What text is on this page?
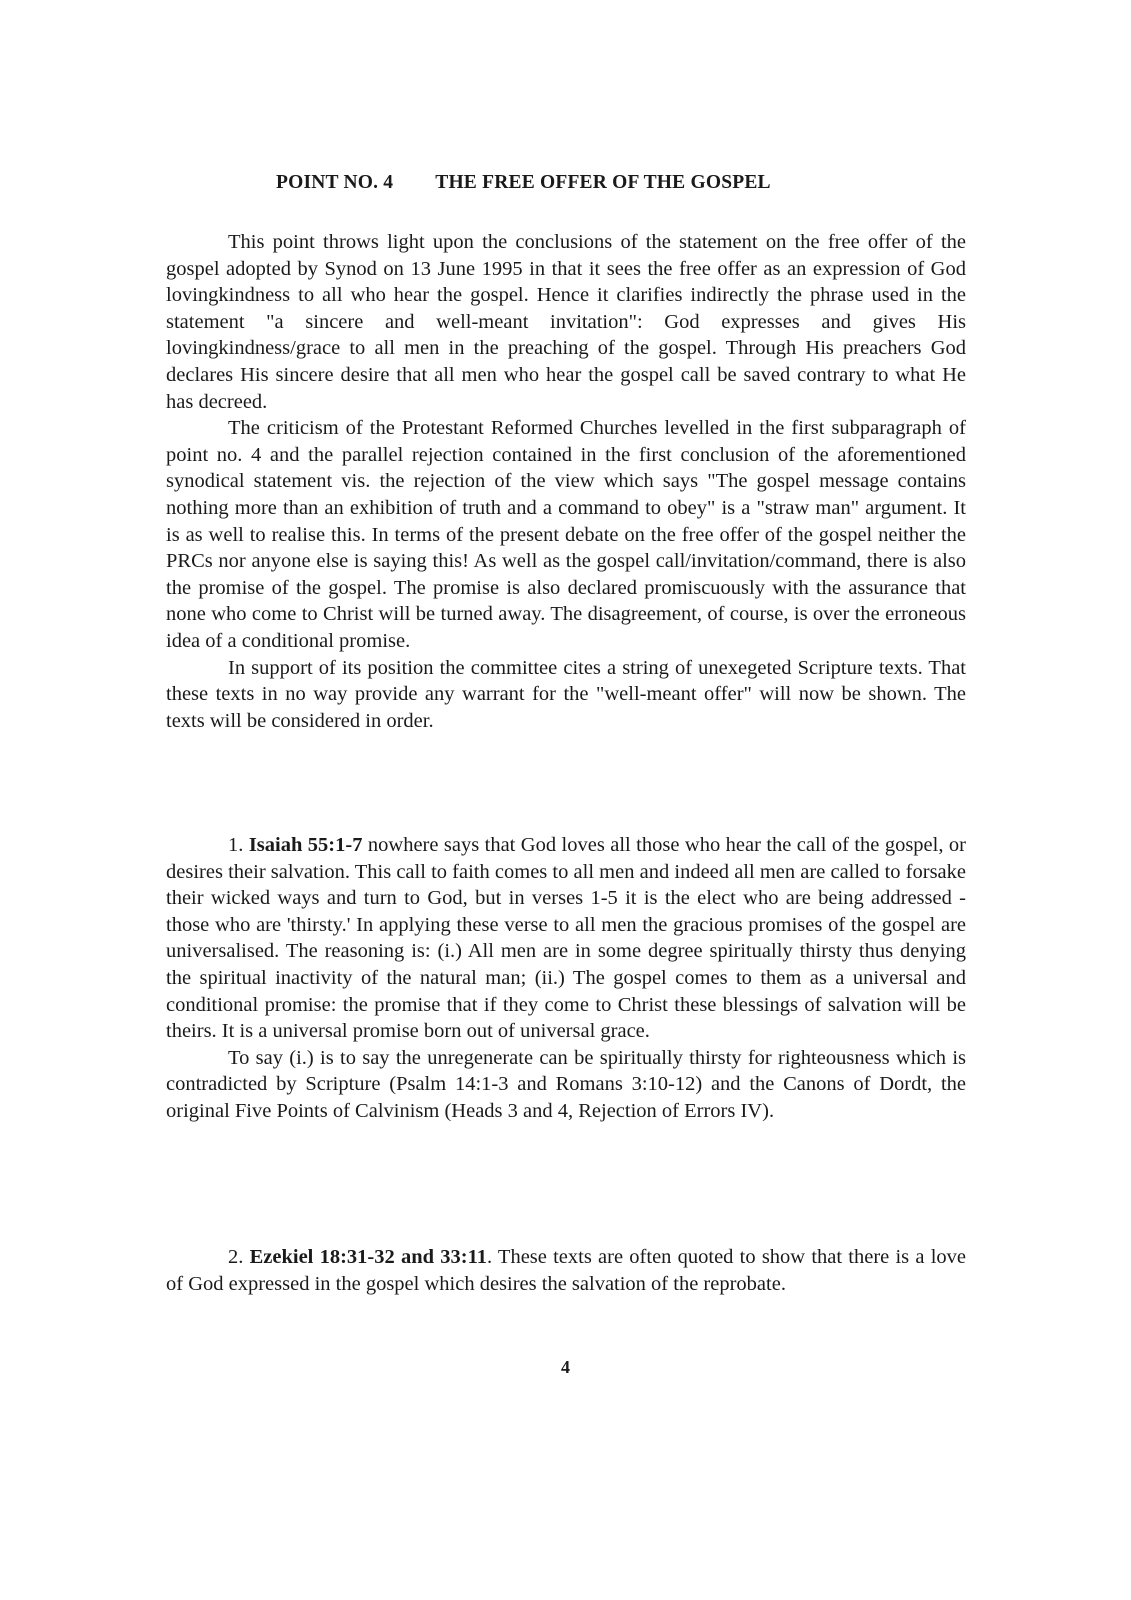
POINT NO. 4 THE FREE OFFER OF THE GOSPEL

This point throws light upon the conclusions of the statement on the free offer of the gospel adopted by Synod on 13 June 1995 in that it sees the free offer as an expression of God lovingkindness to all who hear the gospel. Hence it clarifies indirectly the phrase used in the statement "a sincere and well-meant invitation": God expresses and gives His lovingkindness/grace to all men in the preaching of the gospel. Through His preachers God declares His sincere desire that all men who hear the gospel call be saved contrary to what He has decreed.

The criticism of the Protestant Reformed Churches levelled in the first subparagraph of point no. 4 and the parallel rejection contained in the first conclusion of the aforementioned synodical statement vis. the rejection of the view which says "The gospel message contains nothing more than an exhibition of truth and a command to obey" is a "straw man" argument. It is as well to realise this. In terms of the present debate on the free offer of the gospel neither the PRCs nor anyone else is saying this! As well as the gospel call/invitation/command, there is also the promise of the gospel. The promise is also declared promiscuously with the assurance that none who come to Christ will be turned away. The disagreement, of course, is over the erroneous idea of a conditional promise.

In support of its position the committee cites a string of unexegeted Scripture texts. That these texts in no way provide any warrant for the "well-meant offer" will now be shown. The texts will be considered in order.

1. Isaiah 55:1-7 nowhere says that God loves all those who hear the call of the gospel, or desires their salvation. This call to faith comes to all men and indeed all men are called to forsake their wicked ways and turn to God, but in verses 1-5 it is the elect who are being addressed - those who are 'thirsty.' In applying these verse to all men the gracious promises of the gospel are universalised. The reasoning is: (i.) All men are in some degree spiritually thirsty thus denying the spiritual inactivity of the natural man; (ii.) The gospel comes to them as a universal and conditional promise: the promise that if they come to Christ these blessings of salvation will be theirs. It is a universal promise born out of universal grace.

To say (i.) is to say the unregenerate can be spiritually thirsty for righteousness which is contradicted by Scripture (Psalm 14:1-3 and Romans 3:10-12) and the Canons of Dordt, the original Five Points of Calvinism (Heads 3 and 4, Rejection of Errors IV).

2. Ezekiel 18:31-32 and 33:11. These texts are often quoted to show that there is a love of God expressed in the gospel which desires the salvation of the reprobate.

4
